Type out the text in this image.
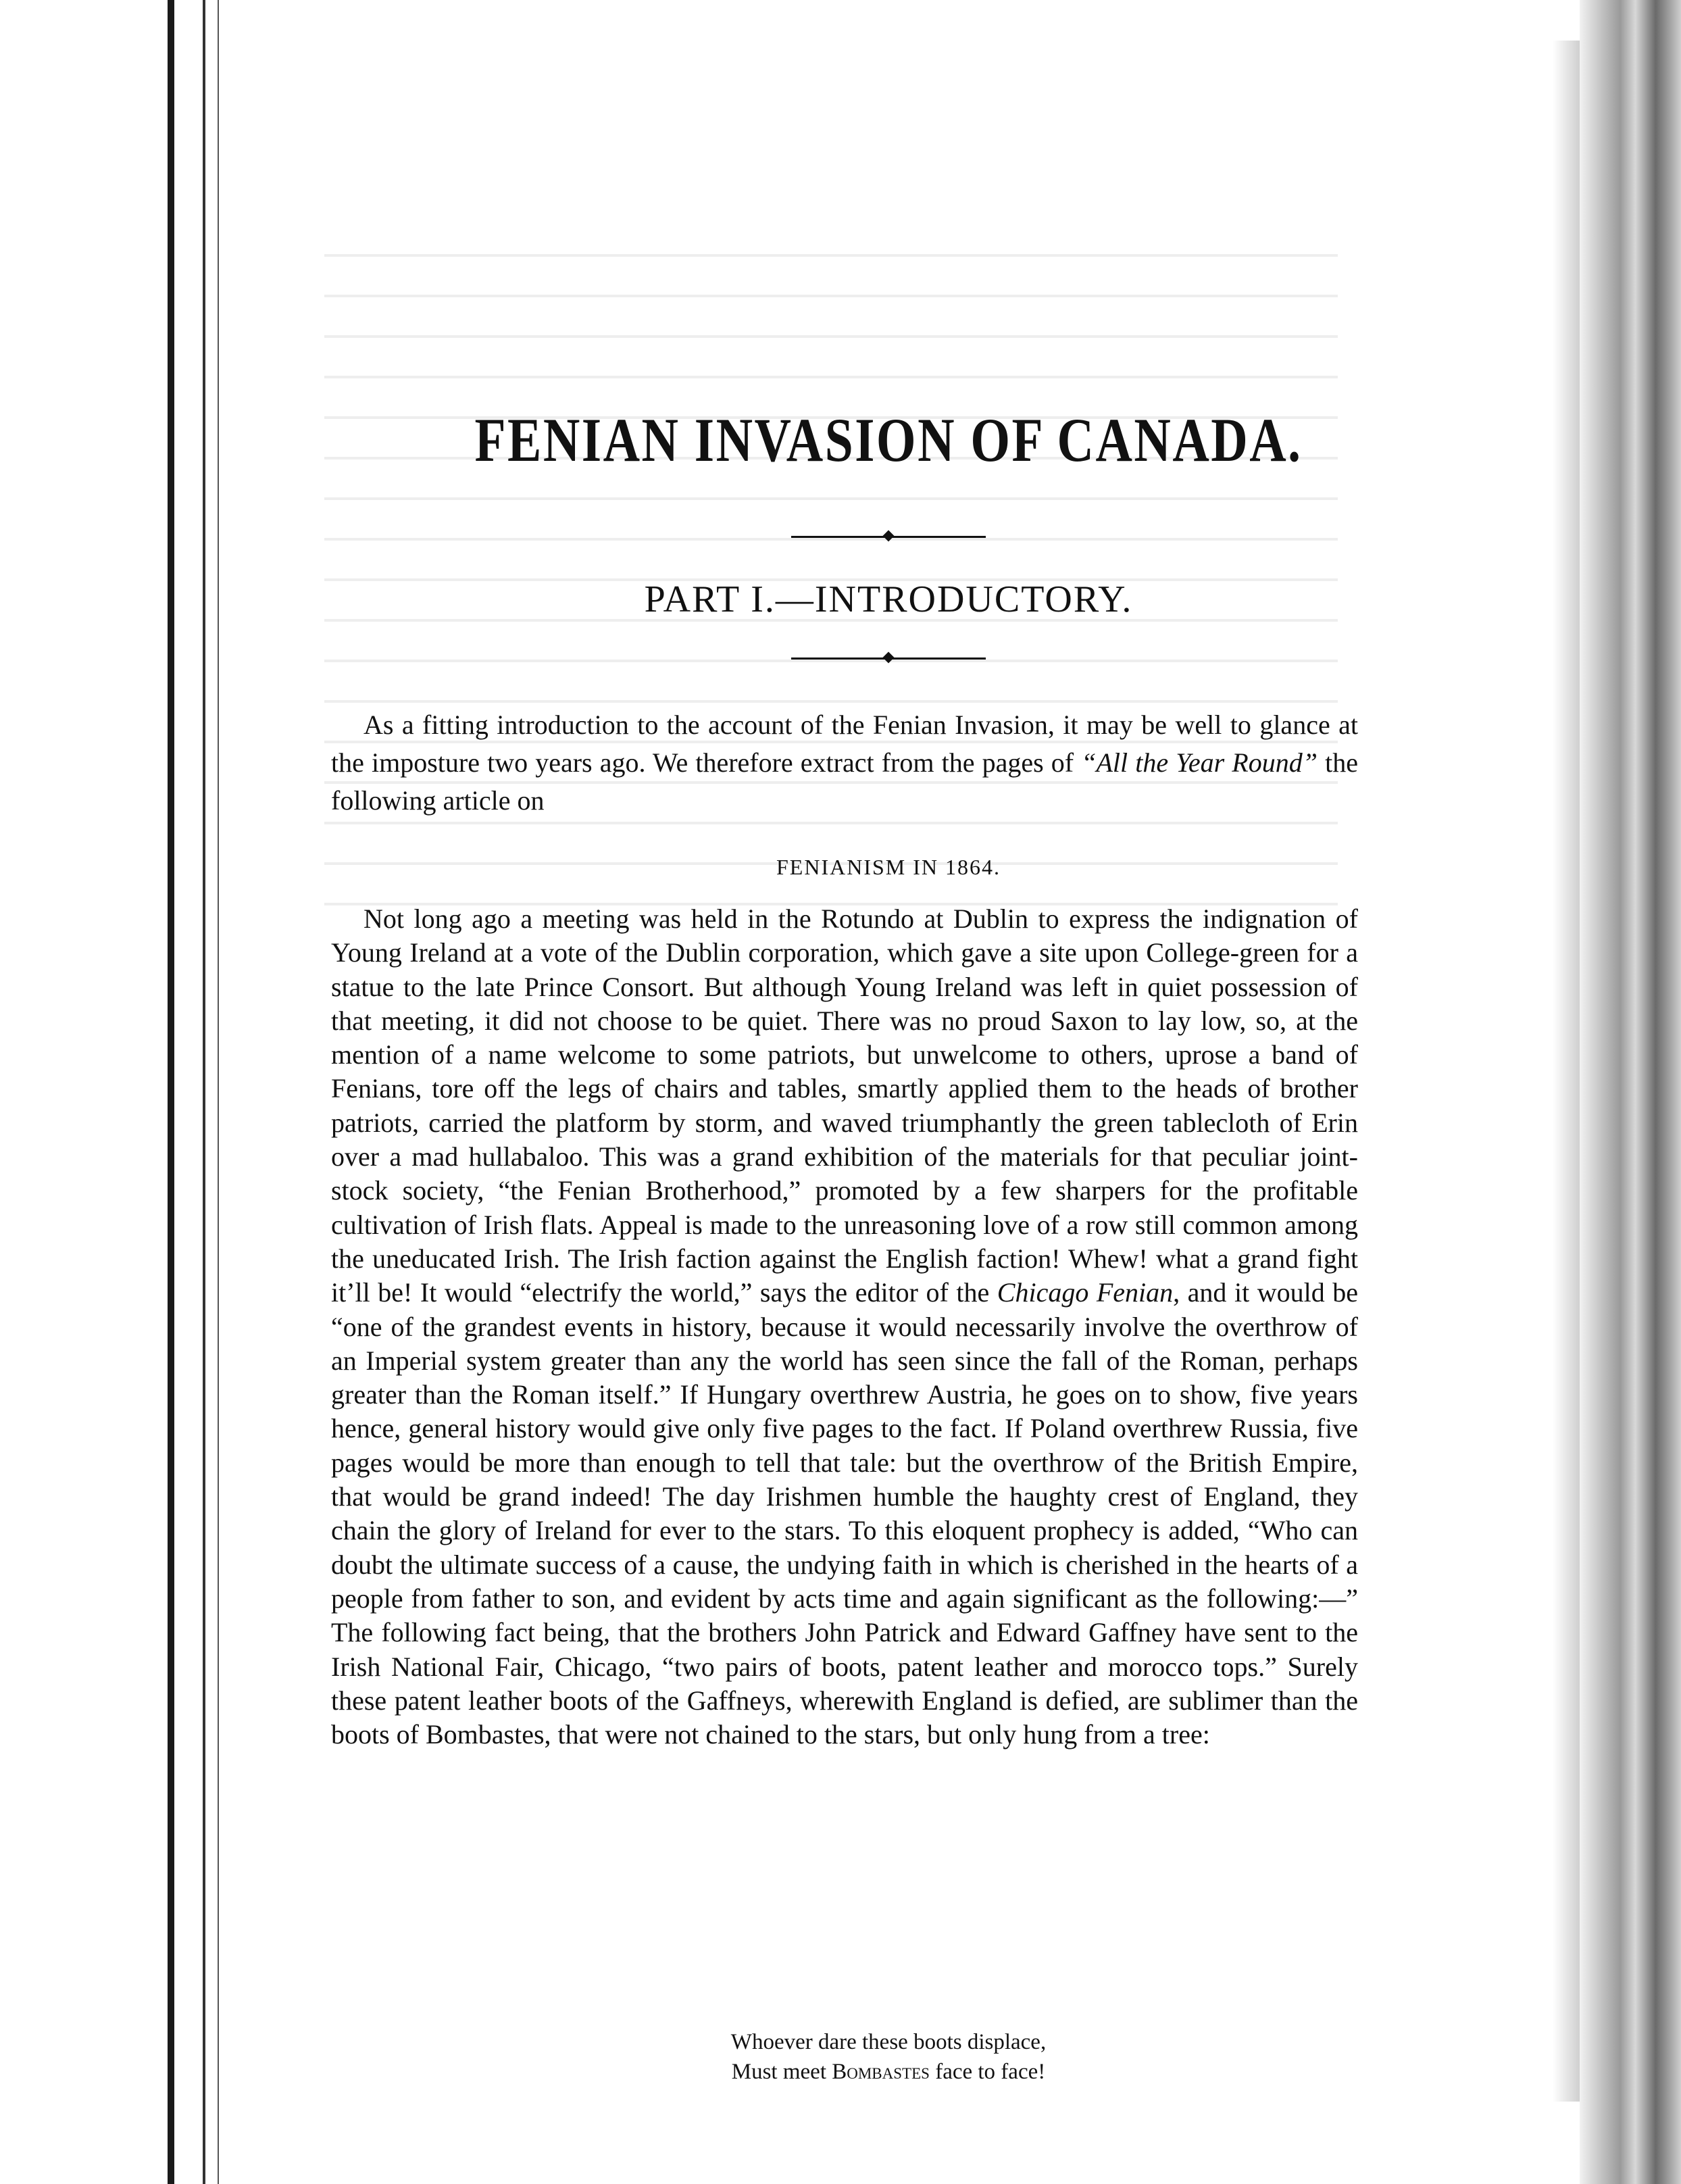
FENIAN INVASION OF CANADA.
PART I.—INTRODUCTORY.
As a fitting introduction to the account of the Fenian Invasion, it may be well to glance at the imposture two years ago. We therefore extract from the pages of “All the Year Round” the following article on
FENIANISM IN 1864.
Not long ago a meeting was held in the Rotundo at Dublin to express the indignation of Young Ireland at a vote of the Dublin corporation, which gave a site upon College-green for a statue to the late Prince Consort. But although Young Ireland was left in quiet possession of that meeting, it did not choose to be quiet. There was no proud Saxon to lay low, so, at the mention of a name welcome to some patriots, but unwelcome to others, uprose a band of Fenians, tore off the legs of chairs and tables, smartly applied them to the heads of brother patriots, carried the platform by storm, and waved triumphantly the green tablecloth of Erin over a mad hullabaloo. This was a grand exhibition of the materials for that peculiar joint-stock society, “the Fenian Brotherhood,” promoted by a few sharpers for the profitable cultivation of Irish flats. Appeal is made to the unreasoning love of a row still common among the uneducated Irish. The Irish faction against the English faction! Whew! what a grand fight it’ll be! It would “electrify the world,” says the editor of the Chicago Fenian, and it would be “one of the grandest events in history, because it would necessarily involve the overthrow of an Imperial system greater than any the world has seen since the fall of the Roman, perhaps greater than the Roman itself.” If Hungary overthrew Austria, he goes on to show, five years hence, general history would give only five pages to the fact. If Poland overthrew Russia, five pages would be more than enough to tell that tale: but the overthrow of the British Empire, that would be grand indeed! The day Irishmen humble the haughty crest of England, they chain the glory of Ireland for ever to the stars. To this eloquent prophecy is added, “Who can doubt the ultimate success of a cause, the undying faith in which is cherished in the hearts of a people from father to son, and evident by acts time and again significant as the following:—” The following fact being, that the brothers John Patrick and Edward Gaffney have sent to the Irish National Fair, Chicago, “two pairs of boots, patent leather and morocco tops.” Surely these patent leather boots of the Gaffneys, wherewith England is defied, are sublimer than the boots of Bombastes, that were not chained to the stars, but only hung from a tree:
Whoever dare these boots displace,
Must meet Bombastes face to face!
